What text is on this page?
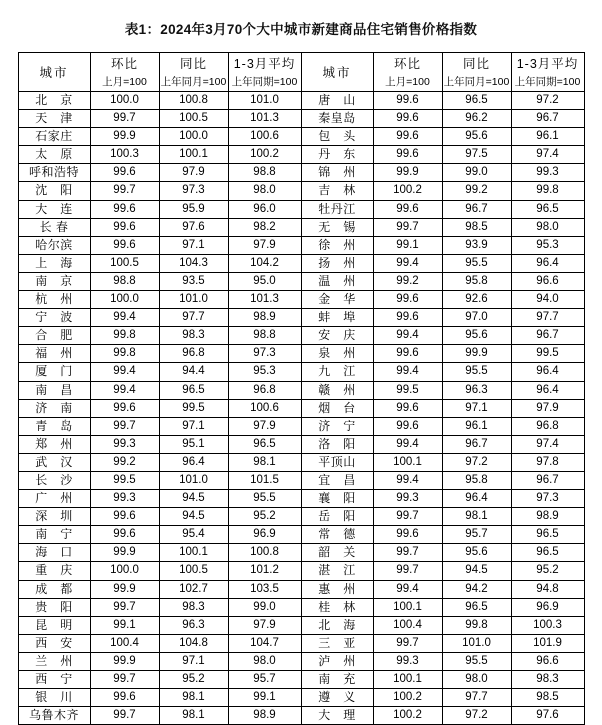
表1：2024年3月70个大中城市新建商品住宅销售价格指数
城市	环比	同比	1-3月平均	城市	环比	同比	1-3月平均
	上月=100	上年同月=100	上年同期=100		上月=100	上年同月=100	上年同期=100
北　京	100.0	100.8	101.0	唐　山	99.6	96.5	97.2
天　津	99.7	100.5	101.3	秦皇岛	99.6	96.2	96.7
石家庄	99.9	100.0	100.6	包　头	99.6	95.6	96.1
太　原	100.3	100.1	100.2	丹　东	99.6	97.5	97.4
呼和浩特	99.6	97.9	98.8	锦　州	99.9	99.0	99.3
沈　阳	99.7	97.3	98.0	吉　林	100.2	99.2	99.8
大　连	99.6	95.9	96.0	牡丹江	99.6	96.7	96.5
长 春	99.6	97.6	98.2	无　锡	99.7	98.5	98.0
哈尔滨	99.6	97.1	97.9	徐　州	99.1	93.9	95.3
上　海	100.5	104.3	104.2	扬　州	99.4	95.5	96.4
南　京	98.8	93.5	95.0	温　州	99.2	95.8	96.6
杭　州	100.0	101.0	101.3	金　华	99.6	92.6	94.0
宁　波	99.4	97.7	98.9	蚌　埠	99.6	97.0	97.7
合　肥	99.8	98.3	98.8	安　庆	99.4	95.6	96.7
福　州	99.8	96.8	97.3	泉　州	99.6	99.9	99.5
厦　门	99.4	94.4	95.3	九　江	99.4	95.5	96.4
南　昌	99.4	96.5	96.8	赣　州	99.5	96.3	96.4
济　南	99.6	99.5	100.6	烟　台	99.6	97.1	97.9
青　岛	99.7	97.1	97.9	济　宁	99.6	96.1	96.8
郑　州	99.3	95.1	96.5	洛　阳	99.4	96.7	97.4
武　汉	99.2	96.4	98.1	平顶山	100.1	97.2	97.8
长　沙	99.5	101.0	101.5	宜　昌	99.4	95.8	96.7
广　州	99.3	94.5	95.5	襄　阳	99.3	96.4	97.3
深　圳	99.6	94.5	95.2	岳　阳	99.7	98.1	98.9
南　宁	99.6	95.4	96.9	常　德	99.6	95.7	96.5
海　口	99.9	100.1	100.8	韶　关	99.7	95.6	96.5
重　庆	100.0	100.5	101.2	湛　江	99.7	94.5	95.2
成　都	99.9	102.7	103.5	惠　州	99.4	94.2	94.8
贵　阳	99.7	98.3	99.0	桂　林	100.1	96.5	96.9
昆　明	99.1	96.3	97.9	北　海	100.4	99.8	100.3
西　安	100.4	104.8	104.7	三　亚	99.7	101.0	101.9
兰　州	99.9	97.1	98.0	泸　州	99.3	95.5	96.6
西　宁	99.7	95.2	95.7	南　充	100.1	98.0	98.3
银　川	99.6	98.1	99.1	遵　义	100.2	97.7	98.5
乌鲁木齐	99.7	98.1	98.9	大　理	100.2	97.2	97.6
